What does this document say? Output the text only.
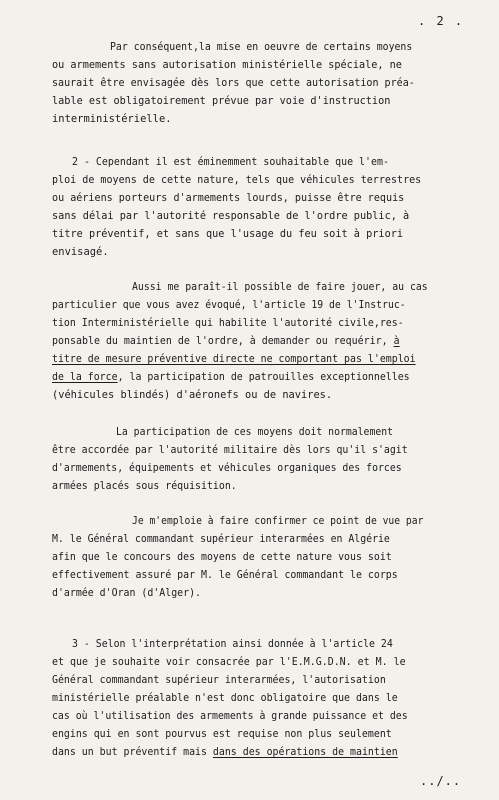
. 2 .
Par conséquent,la mise en oeuvre de certains moyens
ou armements sans autorisation ministérielle spéciale, ne
saurait être envisagée dès lors que cette autorisation préa-
lable est obligatoirement prévue par voie d'instruction
interministérielle.
2 - Cependant il est éminemment souhaitable que l'em-
ploi de moyens de cette nature, tels que véhicules terrestres
ou aériens porteurs d'armements lourds, puisse être requis
sans délai par l'autorité responsable de l'ordre public, à
titre préventif, et sans que l'usage du feu soit à priori
envisagé.
Aussi me paraît-il possible de faire jouer, au cas
particulier que vous avez évoqué, l'article 19 de l'Instruc-
tion Interministérielle qui habilite l'autorité civile,res-
ponsable du maintien de l'ordre, à demander ou requérir, à
titre de mesure préventive directe ne comportant pas l'emploi
de la force, la participation de patrouilles exceptionnelles
(véhicules blindés) d'aéronefs ou de navires.
La participation de ces moyens doit normalement
être accordée par l'autorité militaire dès lors qu'il s'agit
d'armements, équipements et véhicules organiques des forces
armées placés sous réquisition.
Je m'emploie à faire confirmer ce point de vue par
M. le Général commandant supérieur interarmées en Algérie
afin que le concours des moyens de cette nature vous soit
effectivement assuré par M. le Général commandant le corps
d'armée d'Oran (d'Alger).
3 - Selon l'interprétation ainsi donnée à l'article 24
et que je souhaite voir consacrée par l'E.M.G.D.N. et M. le
Général commandant supérieur interarmées, l'autorisation
ministérielle préalable n'est donc obligatoire que dans le
cas où l'utilisation des armements à grande puissance et des
engins qui en sont pourvus est requise non plus seulement
dans un but préventif mais dans des opérations de maintien
../..
